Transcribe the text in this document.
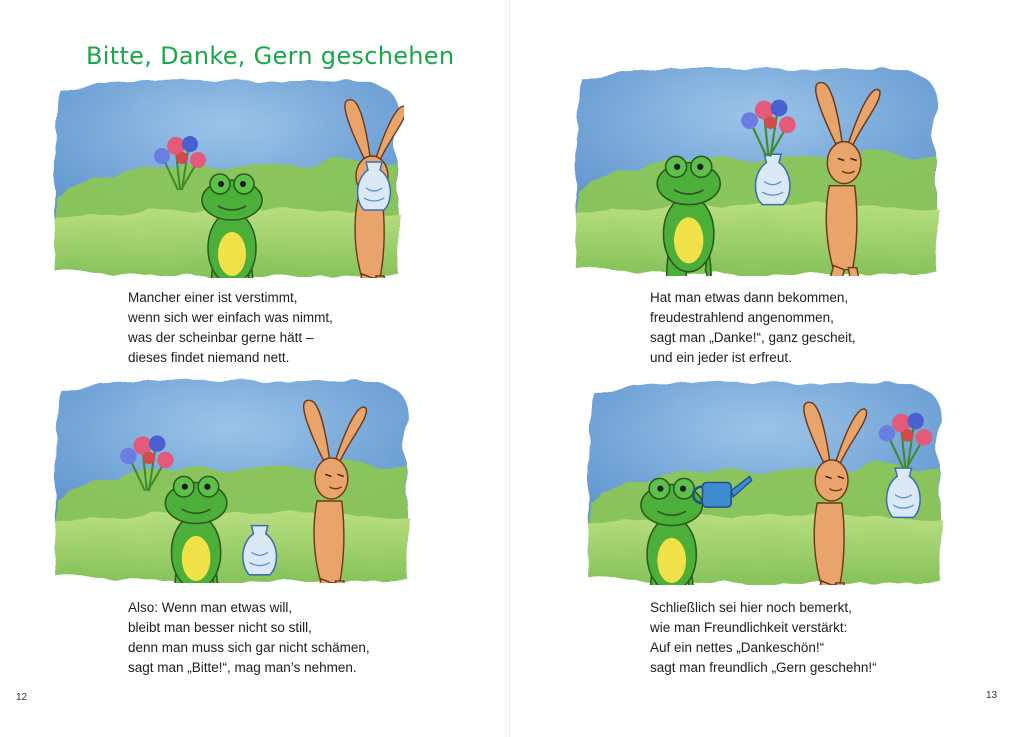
Bitte, Danke, Gern geschehen
Mancher einer ist verstimmt,
wenn sich wer einfach was nimmt,
was der scheinbar gerne hätt –
dieses findet niemand nett.
Also: Wenn man etwas will,
bleibt man besser nicht so still,
denn man muss sich gar nicht schämen,
sagt man „Bitte!“, mag man’s nehmen.
12
Hat man etwas dann bekommen,
freudestrahlend angenommen,
sagt man „Danke!“, ganz gescheit,
und ein jeder ist erfreut.
Schließlich sei hier noch bemerkt,
wie man Freundlichkeit verstärkt:
Auf ein nettes „Dankeschön!“
sagt man freundlich „Gern geschehn!“
13
